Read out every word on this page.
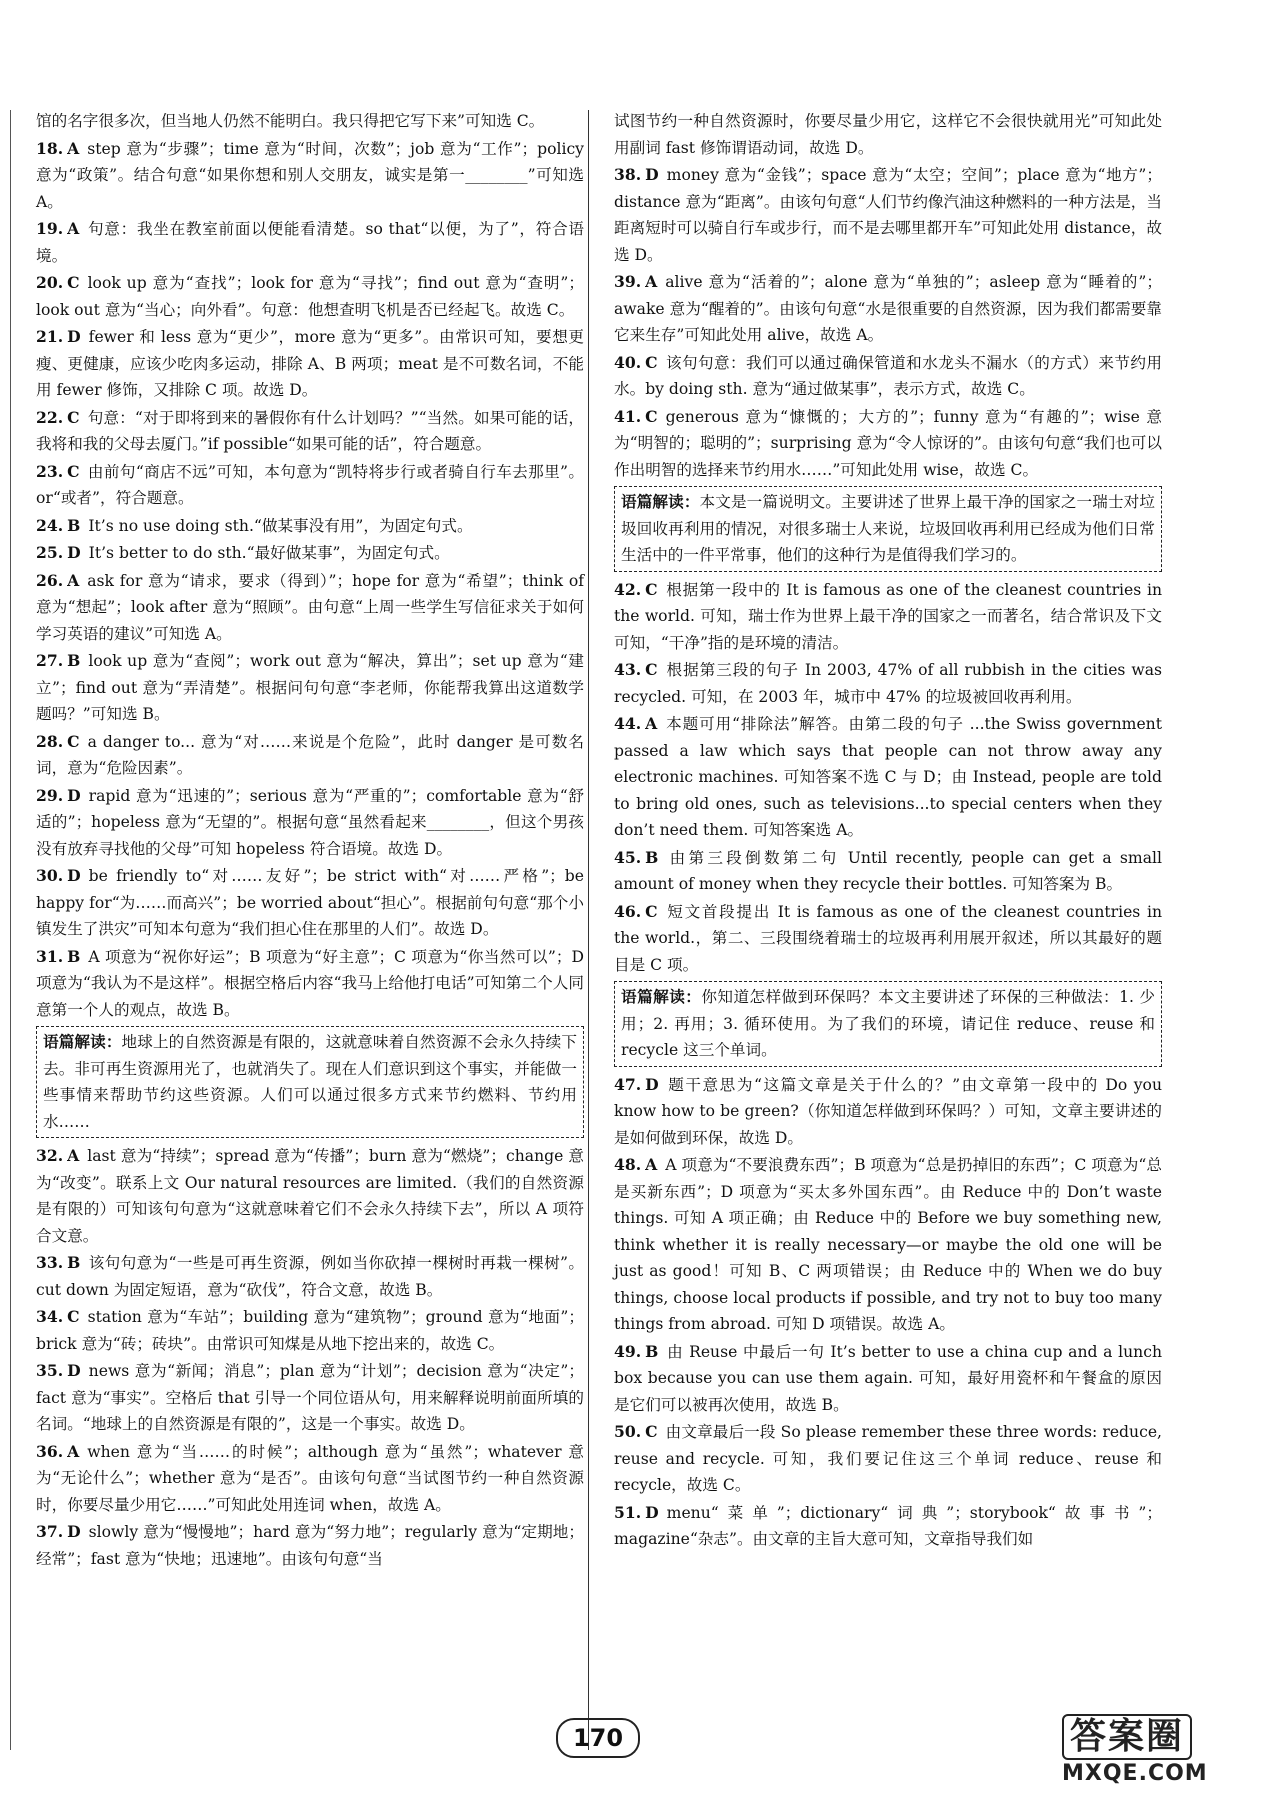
馆的名字很多次，但当地人仍然不能明白。我只得把它写下来”可知选 C。
18. A step 意为“步骤”；time 意为“时间，次数”；job 意为“工作”；policy 意为“政策”。结合句意“如果你想和别人交朋友，诚实是第一________”可知选 A。
19. A 句意：我坐在教室前面以便能看清楚。so that“以便，为了”，符合语境。
20. C look up 意为“查找”；look for 意为“寻找”；find out 意为“查明”；look out 意为“当心；向外看”。句意：他想查明飞机是否已经起飞。故选 C。
21. D fewer 和 less 意为“更少”，more 意为“更多”。由常识可知，要想更瘦、更健康，应该少吃肉多运动，排除 A、B 两项；meat 是不可数名词，不能用 fewer 修饰，又排除 C 项。故选 D。
22. C 句意：“对于即将到来的暑假你有什么计划吗？”“当然。如果可能的话，我将和我的父母去厦门。”if possible“如果可能的话”，符合题意。
23. C 由前句“商店不远”可知，本句意为“凯特将步行或者骑自行车去那里”。or“或者”，符合题意。
24. B It’s no use doing sth.“做某事没有用”，为固定句式。
25. D It’s better to do sth.“最好做某事”，为固定句式。
26. A ask for 意为“请求，要求（得到）”；hope for 意为“希望”；think of 意为“想起”；look after 意为“照顾”。由句意“上周一些学生写信征求关于如何学习英语的建议”可知选 A。
27. B look up 意为“查阅”；work out 意为“解决，算出”；set up 意为“建立”；find out 意为“弄清楚”。根据问句句意“李老师，你能帮我算出这道数学题吗？”可知选 B。
28. C a danger to... 意为“对……来说是个危险”，此时 danger 是可数名词，意为“危险因素”。
29. D rapid 意为“迅速的”；serious 意为“严重的”；comfortable 意为“舒适的”；hopeless 意为“无望的”。根据句意“虽然看起来________，但这个男孩没有放弃寻找他的父母”可知 hopeless 符合语境。故选 D。
30. D be friendly to“对……友好”；be strict with“对……严格”；be happy for“为……而高兴”；be worried about“担心”。根据前句句意“那个小镇发生了洪灾”可知本句意为“我们担心住在那里的人们”。故选 D。
31. B A 项意为“祝你好运”；B 项意为“好主意”；C 项意为“你当然可以”；D 项意为“我认为不是这样”。根据空格后内容“我马上给他打电话”可知第二个人同意第一个人的观点，故选 B。
语篇解读：地球上的自然资源是有限的，这就意味着自然资源不会永久持续下去。非可再生资源用光了，也就消失了。现在人们意识到这个事实，并能做一些事情来帮助节约这些资源。人们可以通过很多方式来节约燃料、节约用水……
32. A last 意为“持续”；spread 意为“传播”；burn 意为“燃烧”；change 意为“改变”。联系上文 Our natural resources are limited.（我们的自然资源是有限的）可知该句句意为“这就意味着它们不会永久持续下去”，所以 A 项符合文意。
33. B 该句句意为“一些是可再生资源，例如当你砍掉一棵树时再栽一棵树”。cut down 为固定短语，意为“砍伐”，符合文意，故选 B。
34. C station 意为“车站”；building 意为“建筑物”；ground 意为“地面”；brick 意为“砖；砖块”。由常识可知煤是从地下挖出来的，故选 C。
35. D news 意为“新闻；消息”；plan 意为“计划”；decision 意为“决定”；fact 意为“事实”。空格后 that 引导一个同位语从句，用来解释说明前面所填的名词。“地球上的自然资源是有限的”，这是一个事实。故选 D。
36. A when 意为“当……的时候”；although 意为“虽然”；whatever 意为“无论什么”；whether 意为“是否”。由该句句意“当试图节约一种自然资源时，你要尽量少用它……”可知此处用连词 when，故选 A。
37. D slowly 意为“慢慢地”；hard 意为“努力地”；regularly 意为“定期地；经常”；fast 意为“快地；迅速地”。由该句句意“当
试图节约一种自然资源时，你要尽量少用它，这样它不会很快就用光”可知此处用副词 fast 修饰谓语动词，故选 D。
38. D money 意为“金钱”；space 意为“太空；空间”；place 意为“地方”；distance 意为“距离”。由该句句意“人们节约像汽油这种燃料的一种方法是，当距离短时可以骑自行车或步行，而不是去哪里都开车”可知此处用 distance，故选 D。
39. A alive 意为“活着的”；alone 意为“单独的”；asleep 意为“睡着的”；awake 意为“醒着的”。由该句句意“水是很重要的自然资源，因为我们都需要靠它来生存”可知此处用 alive，故选 A。
40. C 该句句意：我们可以通过确保管道和水龙头不漏水（的方式）来节约用水。by doing sth. 意为“通过做某事”，表示方式，故选 C。
41. C generous 意为“慷慨的；大方的”；funny 意为“有趣的”；wise 意为“明智的；聪明的”；surprising 意为“令人惊讶的”。由该句句意“我们也可以作出明智的选择来节约用水……”可知此处用 wise，故选 C。
语篇解读：本文是一篇说明文。主要讲述了世界上最干净的国家之一瑞士对垃圾回收再利用的情况，对很多瑞士人来说，垃圾回收再利用已经成为他们日常生活中的一件平常事，他们的这种行为是值得我们学习的。
42. C 根据第一段中的 It is famous as one of the cleanest countries in the world. 可知，瑞士作为世界上最干净的国家之一而著名，结合常识及下文可知，“干净”指的是环境的清洁。
43. C 根据第三段的句子 In 2003, 47% of all rubbish in the cities was recycled. 可知，在 2003 年，城市中 47% 的垃圾被回收再利用。
44. A 本题可用“排除法”解答。由第二段的句子 ...the Swiss government passed a law which says that people can not throw away any electronic machines. 可知答案不选 C 与 D；由 Instead, people are told to bring old ones, such as televisions...to special centers when they don’t need them. 可知答案选 A。
45. B 由第三段倒数第二句 Until recently, people can get a small amount of money when they recycle their bottles. 可知答案为 B。
46. C 短文首段提出 It is famous as one of the cleanest countries in the world.，第二、三段围绕着瑞士的垃圾再利用展开叙述，所以其最好的题目是 C 项。
语篇解读：你知道怎样做到环保吗？本文主要讲述了环保的三种做法：1. 少用；2. 再用；3. 循环使用。为了我们的环境，请记住 reduce、reuse 和 recycle 这三个单词。
47. D 题干意思为“这篇文章是关于什么的？”由文章第一段中的 Do you know how to be green?（你知道怎样做到环保吗？）可知，文章主要讲述的是如何做到环保，故选 D。
48. A A 项意为“不要浪费东西”；B 项意为“总是扔掉旧的东西”；C 项意为“总是买新东西”；D 项意为“买太多外国东西”。由 Reduce 中的 Don’t waste things. 可知 A 项正确；由 Reduce 中的 Before we buy something new, think whether it is really necessary—or maybe the old one will be just as good！可知 B、C 两项错误；由 Reduce 中的 When we do buy things, choose local products if possible, and try not to buy too many things from abroad. 可知 D 项错误。故选 A。
49. B 由 Reuse 中最后一句 It’s better to use a china cup and a lunch box because you can use them again. 可知，最好用瓷杯和午餐盒的原因是它们可以被再次使用，故选 B。
50. C 由文章最后一段 So please remember these three words: reduce, reuse and recycle. 可知，我们要记住这三个单词 reduce、reuse 和 recycle，故选 C。
51. D menu“菜单”；dictionary“词典”；storybook“故事书”；magazine“杂志”。由文章的主旨大意可知，文章指导我们如
170	答案圈
MXQE.COM
